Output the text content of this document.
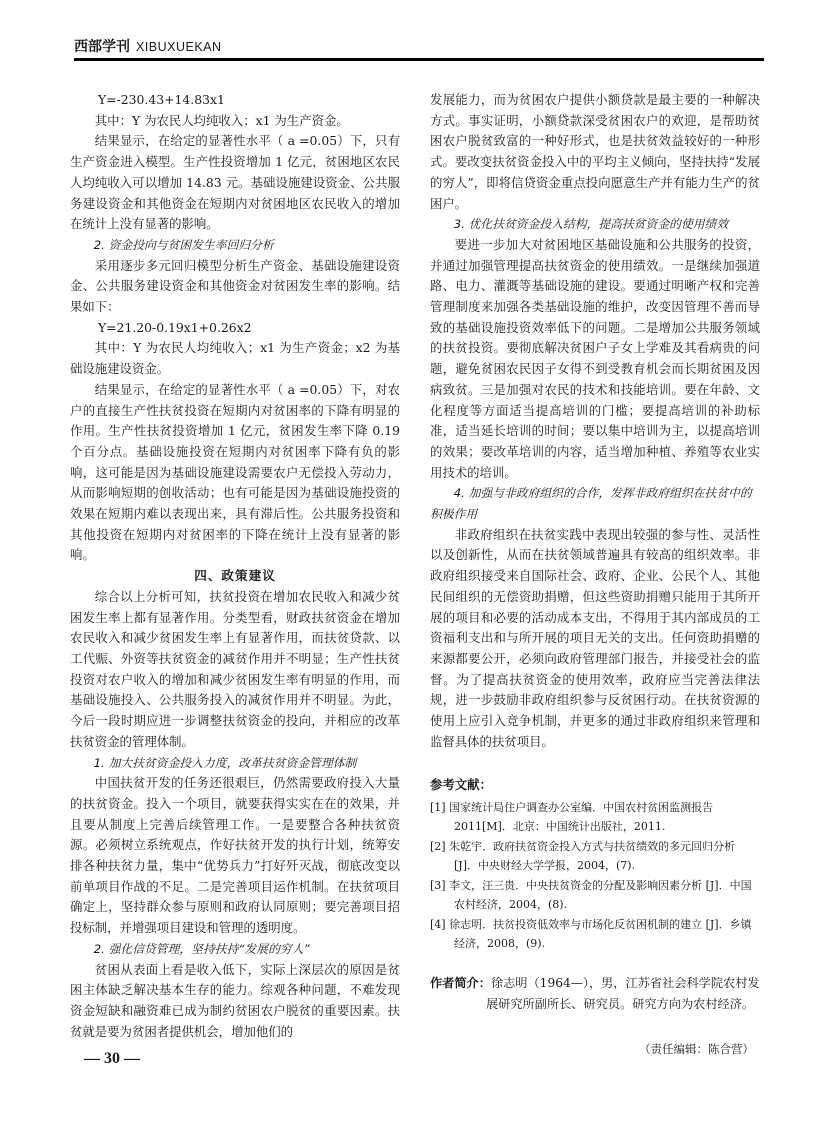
西部学刊 XIBUXUEKAN

Y=-230.43+14.83x1

其中：Y 为农民人均纯收入；x1 为生产资金。

结果显示，在给定的显著性水平（ a =0.05）下，只有生产资金进入模型。生产性投资增加 1 亿元，贫困地区农民人均纯收入可以增加 14.83 元。基础设施建设资金、公共服务建设资金和其他资金在短期内对贫困地区农民收入的增加在统计上没有显著的影响。

2. 资金投向与贫困发生率回归分析

采用逐步多元回归模型分析生产资金、基础设施建设资金、公共服务建设资金和其他资金对贫困发生率的影响。结果如下：

Y=21.20-0.19x1+0.26x2

其中：Y 为农民人均纯收入；x1 为生产资金；x2 为基础设施建设资金。

结果显示，在给定的显著性水平（ a =0.05）下，对农户的直接生产性扶贫投资在短期内对贫困率的下降有明显的作用。生产性扶贫投资增加 1 亿元，贫困发生率下降 0.19 个百分点。基础设施投资在短期内对贫困率下降有负的影响，这可能是因为基础设施建设需要农户无偿投入劳动力，从而影响短期的创收活动；也有可能是因为基础设施投资的效果在短期内难以表现出来，具有滞后性。公共服务投资和其他投资在短期内对贫困率的下降在统计上没有显著的影响。

四、政策建议

综合以上分析可知，扶贫投资在增加农民收入和减少贫困发生率上都有显著作用。分类型看，财政扶贫资金在增加农民收入和减少贫困发生率上有显著作用，而扶贫贷款、以工代赈、外资等扶贫资金的减贫作用并不明显；生产性扶贫投资对农户收入的增加和减少贫困发生率有明显的作用，而基础设施投入、公共服务投入的减贫作用并不明显。为此，今后一段时期应进一步调整扶贫资金的投向，并相应的改革扶贫资金的管理体制。

1. 加大扶贫资金投入力度，改革扶贫资金管理体制

中国扶贫开发的任务还很艰巨，仍然需要政府投入大量的扶贫资金。投入一个项目，就要获得实实在在的效果，并且要从制度上完善后续管理工作。一是要整合各种扶贫资源。必须树立系统观点，作好扶贫开发的执行计划，统筹安排各种扶贫力量，集中“优势兵力”打好歼灭战，彻底改变以前单项目作战的不足。二是完善项目运作机制。在扶贫项目确定上，坚持群众参与原则和政府认同原则；要完善项目招投标制，并增强项目建设和管理的透明度。

2. 强化信贷管理，坚持扶持“发展的穷人”

贫困从表面上看是收入低下，实际上深层次的原因是贫困主体缺乏解决基本生存的能力。综观各种问题，不难发现资金短缺和融资难已成为制约贫困农户脱贫的重要因素。扶贫就是要为贫困者提供机会，增加他们的

发展能力，而为贫困农户提供小额贷款是最主要的一种解决方式。事实证明，小额贷款深受贫困农户的欢迎，是帮助贫困农户脱贫致富的一种好形式，也是扶贫效益较好的一种形式。要改变扶贫资金投入中的平均主义倾向，坚持扶持“发展的穷人”，即将信贷资金重点投向愿意生产并有能力生产的贫困户。

3. 优化扶贫资金投入结构，提高扶贫资金的使用绩效

要进一步加大对贫困地区基础设施和公共服务的投资，并通过加强管理提高扶贫资金的使用绩效。一是继续加强道路、电力、灌溉等基础设施的建设。要通过明晰产权和完善管理制度来加强各类基础设施的维护，改变因管理不善而导致的基础设施投资效率低下的问题。二是增加公共服务领域的扶贫投资。要彻底解决贫困户子女上学难及其看病贵的问题，避免贫困农民因子女得不到受教育机会而长期贫困及因病致贫。三是加强对农民的技术和技能培训。要在年龄、文化程度等方面适当提高培训的门槛；要提高培训的补助标准，适当延长培训的时间；要以集中培训为主，以提高培训的效果；要改革培训的内容，适当增加种植、养殖等农业实用技术的培训。

4. 加强与非政府组织的合作，发挥非政府组织在扶贫中的积极作用

非政府组织在扶贫实践中表现出较强的参与性、灵活性以及创新性，从而在扶贫领域普遍具有较高的组织效率。非政府组织接受来自国际社会、政府、企业、公民个人、其他民间组织的无偿资助捐赠，但这些资助捐赠只能用于其所开展的项目和必要的活动成本支出，不得用于其内部成员的工资福利支出和与所开展的项目无关的支出。任何资助捐赠的来源都要公开，必须向政府管理部门报告，并接受社会的监督。为了提高扶贫资金的使用效率，政府应当完善法律法规，进一步鼓励非政府组织参与反贫困行动。在扶贫资源的使用上应引入竞争机制，并更多的通过非政府组织来管理和监督具体的扶贫项目。

参考文献：
[1] 国家统计局住户调查办公室编．中国农村贫困监测报告 2011[M]．北京：中国统计出版社，2011.
[2] 朱乾宇．政府扶贫资金投入方式与扶贫绩效的多元回归分析 [J]．中央财经大学学报，2004，(7).
[3] 李文，汪三贵．中央扶贫资金的分配及影响因素分析 [J]．中国农村经济，2004，(8).
[4] 徐志明．扶贫投资低效率与市场化反贫困机制的建立 [J]．乡镇经济，2008，(9).
作者简介：徐志明（1964—），男，江苏省社会科学院农村发展研究所副所长、研究员。研究方向为农村经济。
（责任编辑：陈合营）
— 30 —
